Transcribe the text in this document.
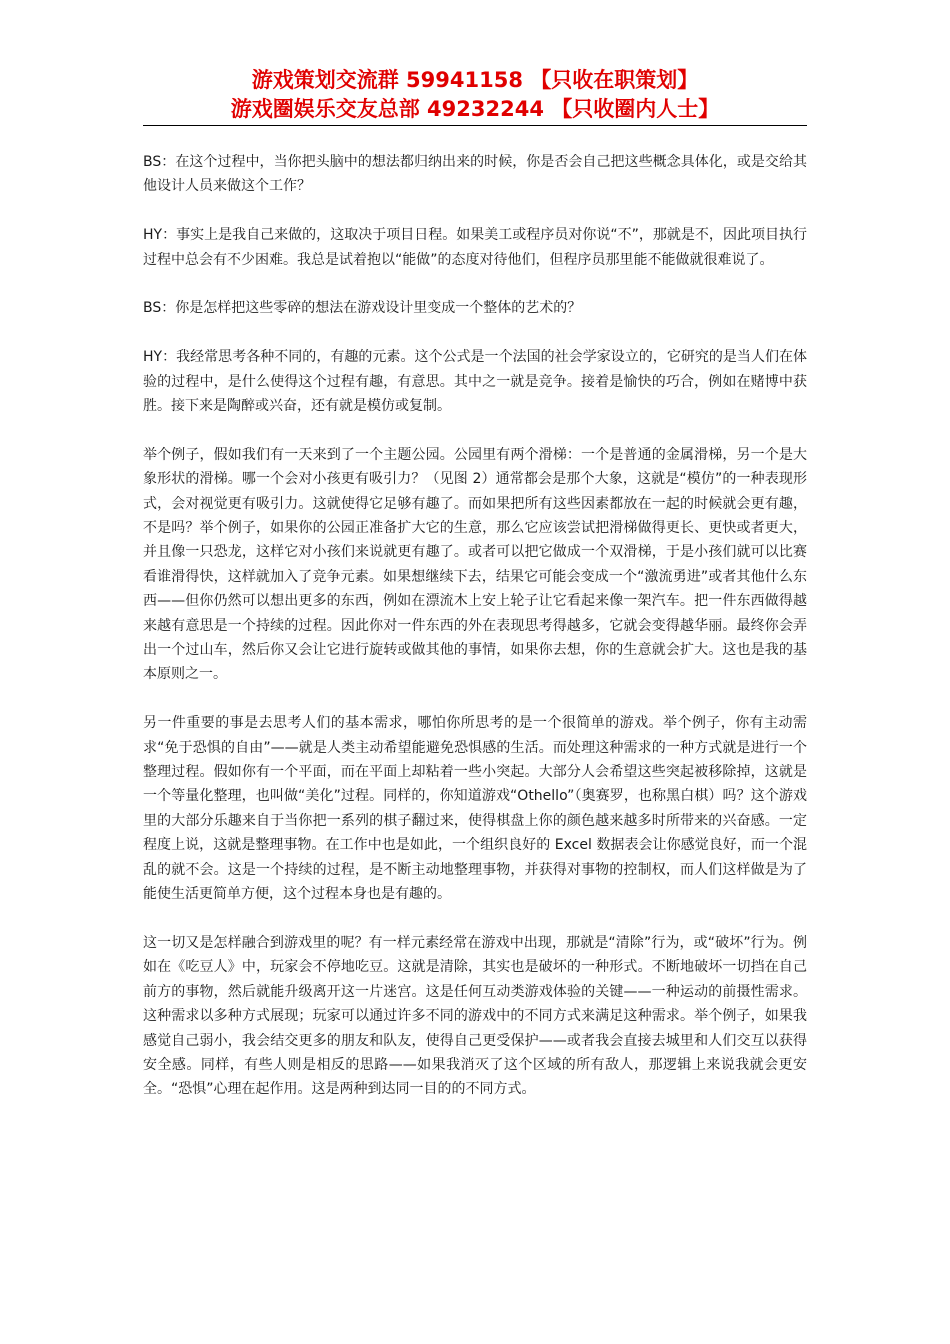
游戏策划交流群 59941158 【只收在职策划】
游戏圈娱乐交友总部 49232244 【只收圈内人士】

BS：在这个过程中，当你把头脑中的想法都归纳出来的时候，你是否会自己把这些概念具体化，或是交给其他设计人员来做这个工作？

HY：事实上是我自己来做的，这取决于项目日程。如果美工或程序员对你说“不”，那就是不，因此项目执行过程中总会有不少困难。我总是试着抱以“能做”的态度对待他们，但程序员那里能不能做就很难说了。

BS：你是怎样把这些零碎的想法在游戏设计里变成一个整体的艺术的？

HY：我经常思考各种不同的，有趣的元素。这个公式是一个法国的社会学家设立的，它研究的是当人们在体验的过程中，是什么使得这个过程有趣，有意思。其中之一就是竞争。接着是愉快的巧合，例如在赌博中获胜。接下来是陶醉或兴奋，还有就是模仿或复制。

举个例子，假如我们有一天来到了一个主题公园。公园里有两个滑梯：一个是普通的金属滑梯，另一个是大象形状的滑梯。哪一个会对小孩更有吸引力？（见图 2）通常都会是那个大象，这就是“模仿”的一种表现形式，会对视觉更有吸引力。这就使得它足够有趣了。而如果把所有这些因素都放在一起的时候就会更有趣，不是吗？举个例子，如果你的公园正准备扩大它的生意，那么它应该尝试把滑梯做得更长、更快或者更大，并且像一只恐龙，这样它对小孩们来说就更有趣了。或者可以把它做成一个双滑梯，于是小孩们就可以比赛看谁滑得快，这样就加入了竞争元素。如果想继续下去，结果它可能会变成一个“激流勇进”或者其他什么东西——但你仍然可以想出更多的东西，例如在漂流木上安上轮子让它看起来像一架汽车。把一件东西做得越来越有意思是一个持续的过程。因此你对一件东西的外在表现思考得越多，它就会变得越华丽。最终你会弄出一个过山车，然后你又会让它进行旋转或做其他的事情，如果你去想，你的生意就会扩大。这也是我的基本原则之一。

另一件重要的事是去思考人们的基本需求，哪怕你所思考的是一个很简单的游戏。举个例子，你有主动需求“免于恐惧的自由”——就是人类主动希望能避免恐惧感的生活。而处理这种需求的一种方式就是进行一个整理过程。假如你有一个平面，而在平面上却粘着一些小突起。大部分人会希望这些突起被移除掉，这就是一个等量化整理，也叫做“美化”过程。同样的，你知道游戏“Othello”（奥赛罗，也称黑白棋）吗？这个游戏里的大部分乐趣来自于当你把一系列的棋子翻过来，使得棋盘上你的颜色越来越多时所带来的兴奋感。一定程度上说，这就是整理事物。在工作中也是如此，一个组织良好的 Excel 数据表会让你感觉良好，而一个混乱的就不会。这是一个持续的过程，是不断主动地整理事物，并获得对事物的控制权，而人们这样做是为了能使生活更简单方便，这个过程本身也是有趣的。

这一切又是怎样融合到游戏里的呢？有一样元素经常在游戏中出现，那就是“清除”行为，或“破坏”行为。例如在《吃豆人》中，玩家会不停地吃豆。这就是清除，其实也是破坏的一种形式。不断地破坏一切挡在自己前方的事物，然后就能升级离开这一片迷宫。这是任何互动类游戏体验的关键——一种运动的前摄性需求。这种需求以多种方式展现；玩家可以通过许多不同的游戏中的不同方式来满足这种需求。举个例子，如果我感觉自己弱小，我会结交更多的朋友和队友，使得自己更受保护——或者我会直接去城里和人们交互以获得安全感。同样，有些人则是相反的思路——如果我消灭了这个区域的所有敌人，那逻辑上来说我就会更安全。“恐惧”心理在起作用。这是两种到达同一目的的不同方式。
